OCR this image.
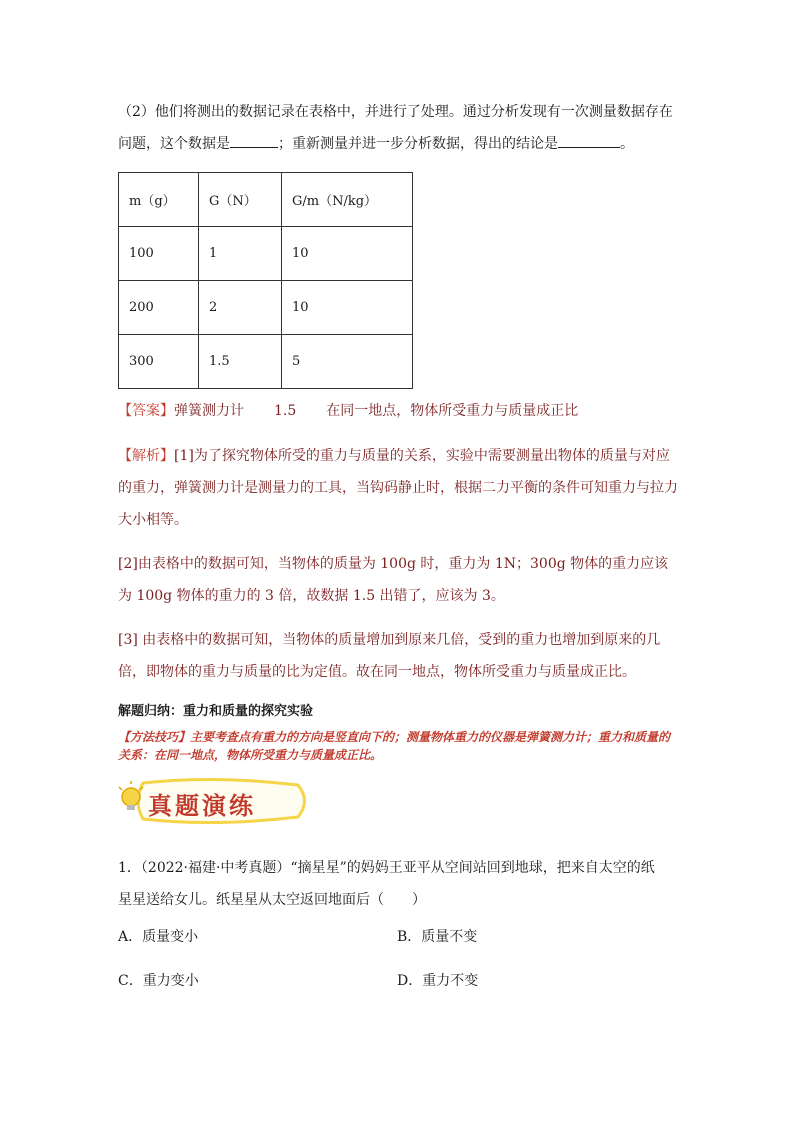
（2）他们将测出的数据记录在表格中，并进行了处理。通过分析发现有一次测量数据存在
问题，这个数据是	；重新测量并进一步分析数据，得出的结论是	。

m（g）	G（N）	G/m（N/kg）
100	1	10
200	2	10
300	1.5	5
【答案】弹簧测力计 1.5 在同一地点，物体所受重力与质量成正比

【解析】[1]为了探究物体所受的重力与质量的关系，实验中需要测量出物体的质量与对应的重力，弹簧测力计是测量力的工具，当钩码静止时，根据二力平衡的条件可知重力与拉力大小相等。

[2]由表格中的数据可知，当物体的质量为 100g 时，重力为 1N；300g 物体的重力应该为 100g 物体的重力的 3 倍，故数据 1.5 出错了，应该为 3。

[3] 由表格中的数据可知，当物体的质量增加到原来几倍，受到的重力也增加到原来的几倍，即物体的重力与质量的比为定值。故在同一地点，物体所受重力与质量成正比。

解题归纳：重力和质量的探究实验
【方法技巧】主要考查点有重力的方向是竖直向下的；测量物体重力的仪器是弹簧测力计；重力和质量的关系：在同一地点，物体所受重力与质量成正比。
真题演练

1．（2022·福建·中考真题）“摘星星”的妈妈王亚平从空间站回到地球，把来自太空的纸星星送给女儿。纸星星从太空返回地面后（　　）

A．质量变小	B．质量不变
C．重力变小	D．重力不变
